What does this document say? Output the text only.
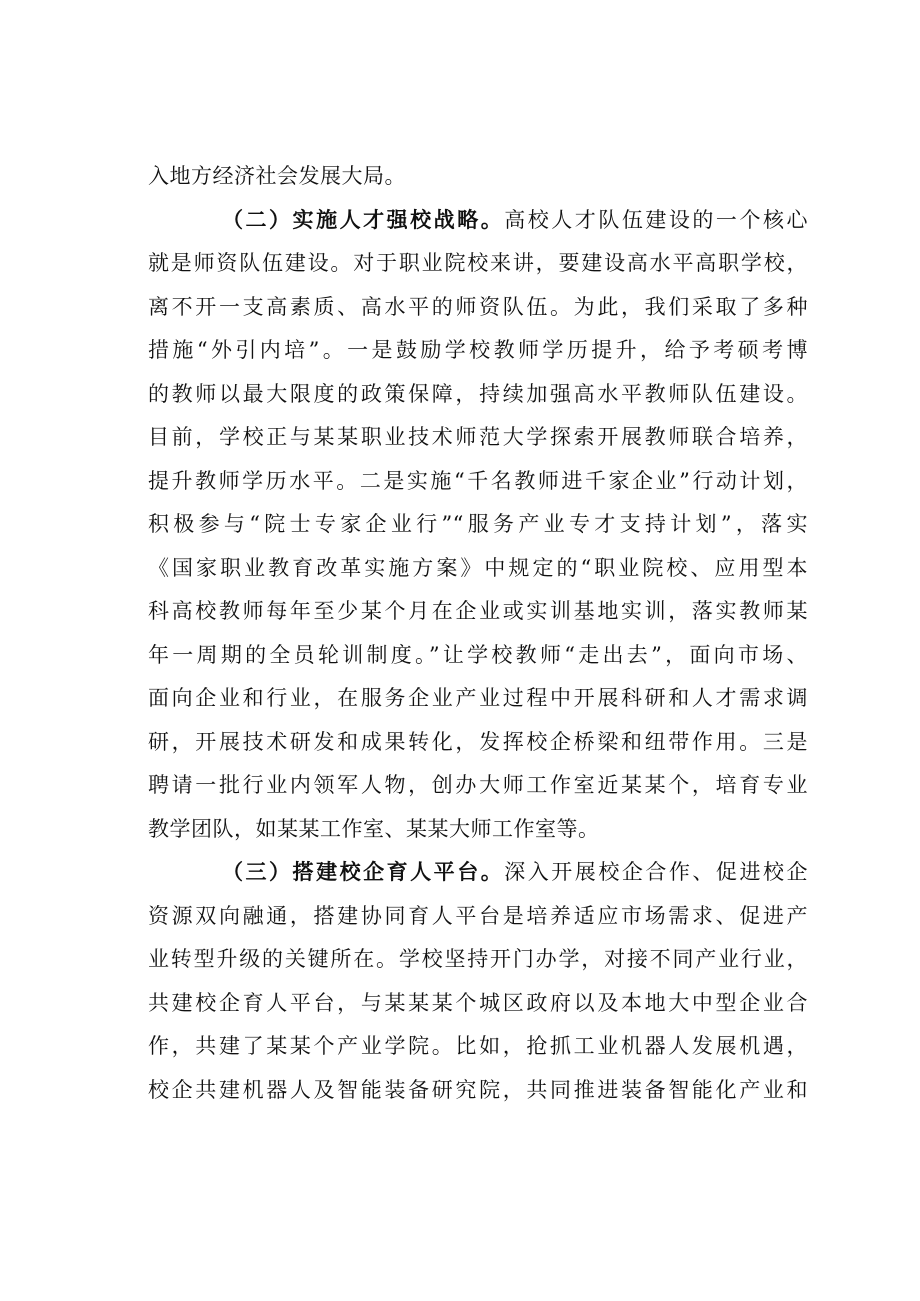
入地方经济社会发展大局。
（二）实施人才强校战略。高校人才队伍建设的一个核心
就是师资队伍建设。对于职业院校来讲，要建设高水平高职学校，
离不开一支高素质、高水平的师资队伍。为此，我们采取了多种
措施“外引内培”。一是鼓励学校教师学历提升，给予考硕考博
的教师以最大限度的政策保障，持续加强高水平教师队伍建设。
目前，学校正与某某职业技术师范大学探索开展教师联合培养，
提升教师学历水平。二是实施“千名教师进千家企业”行动计划，
积极参与“院士专家企业行”“服务产业专才支持计划”，落实
《国家职业教育改革实施方案》中规定的“职业院校、应用型本
科高校教师每年至少某个月在企业或实训基地实训，落实教师某
年一周期的全员轮训制度。”让学校教师“走出去”，面向市场、
面向企业和行业，在服务企业产业过程中开展科研和人才需求调
研，开展技术研发和成果转化，发挥校企桥梁和纽带作用。三是
聘请一批行业内领军人物，创办大师工作室近某某个，培育专业
教学团队，如某某工作室、某某大师工作室等。
（三）搭建校企育人平台。深入开展校企合作、促进校企
资源双向融通，搭建协同育人平台是培养适应市场需求、促进产
业转型升级的关键所在。学校坚持开门办学，对接不同产业行业，
共建校企育人平台，与某某某个城区政府以及本地大中型企业合
作，共建了某某个产业学院。比如，抢抓工业机器人发展机遇，
校企共建机器人及智能装备研究院，共同推进装备智能化产业和
